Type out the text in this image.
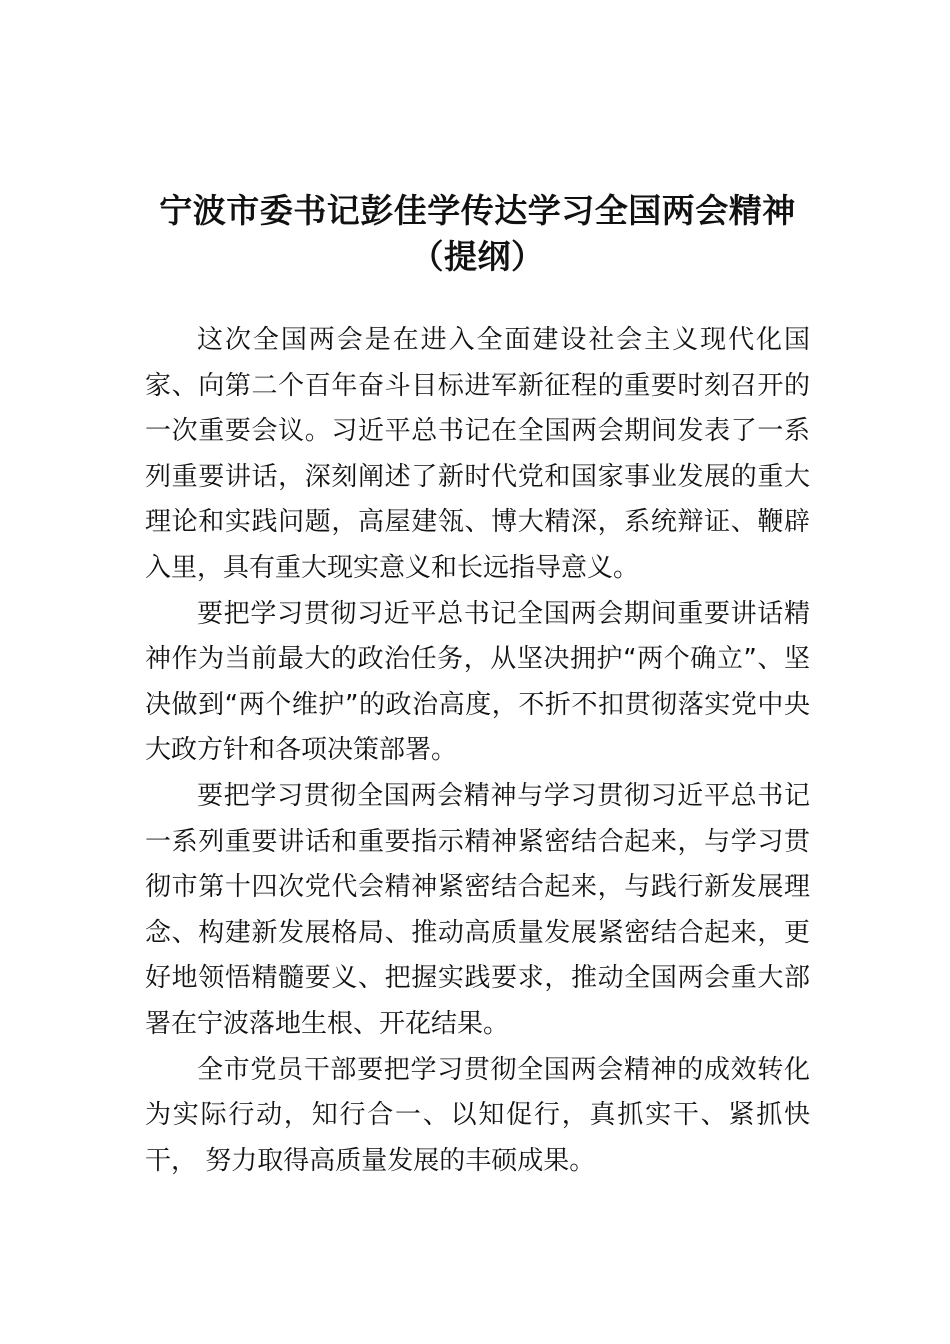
宁波市委书记彭佳学传达学习全国两会精神（提纲）

这次全国两会是在进入全面建设社会主义现代化国家、向第二个百年奋斗目标进军新征程的重要时刻召开的一次重要会议。习近平总书记在全国两会期间发表了一系列重要讲话，深刻阐述了新时代党和国家事业发展的重大理论和实践问题，高屋建瓴、博大精深，系统辩证、鞭辟入里，具有重大现实意义和长远指导意义。

要把学习贯彻习近平总书记全国两会期间重要讲话精神作为当前最大的政治任务，从坚决拥护“两个确立”、坚决做到“两个维护”的政治高度，不折不扣贯彻落实党中央大政方针和各项决策部署。

要把学习贯彻全国两会精神与学习贯彻习近平总书记一系列重要讲话和重要指示精神紧密结合起来，与学习贯彻市第十四次党代会精神紧密结合起来，与践行新发展理念、构建新发展格局、推动高质量发展紧密结合起来，更好地领悟精髓要义、把握实践要求，推动全国两会重大部署在宁波落地生根、开花结果。

全市党员干部要把学习贯彻全国两会精神的成效转化为实际行动，知行合一、以知促行，真抓实干、紧抓快干， 努力取得高质量发展的丰硕成果。
